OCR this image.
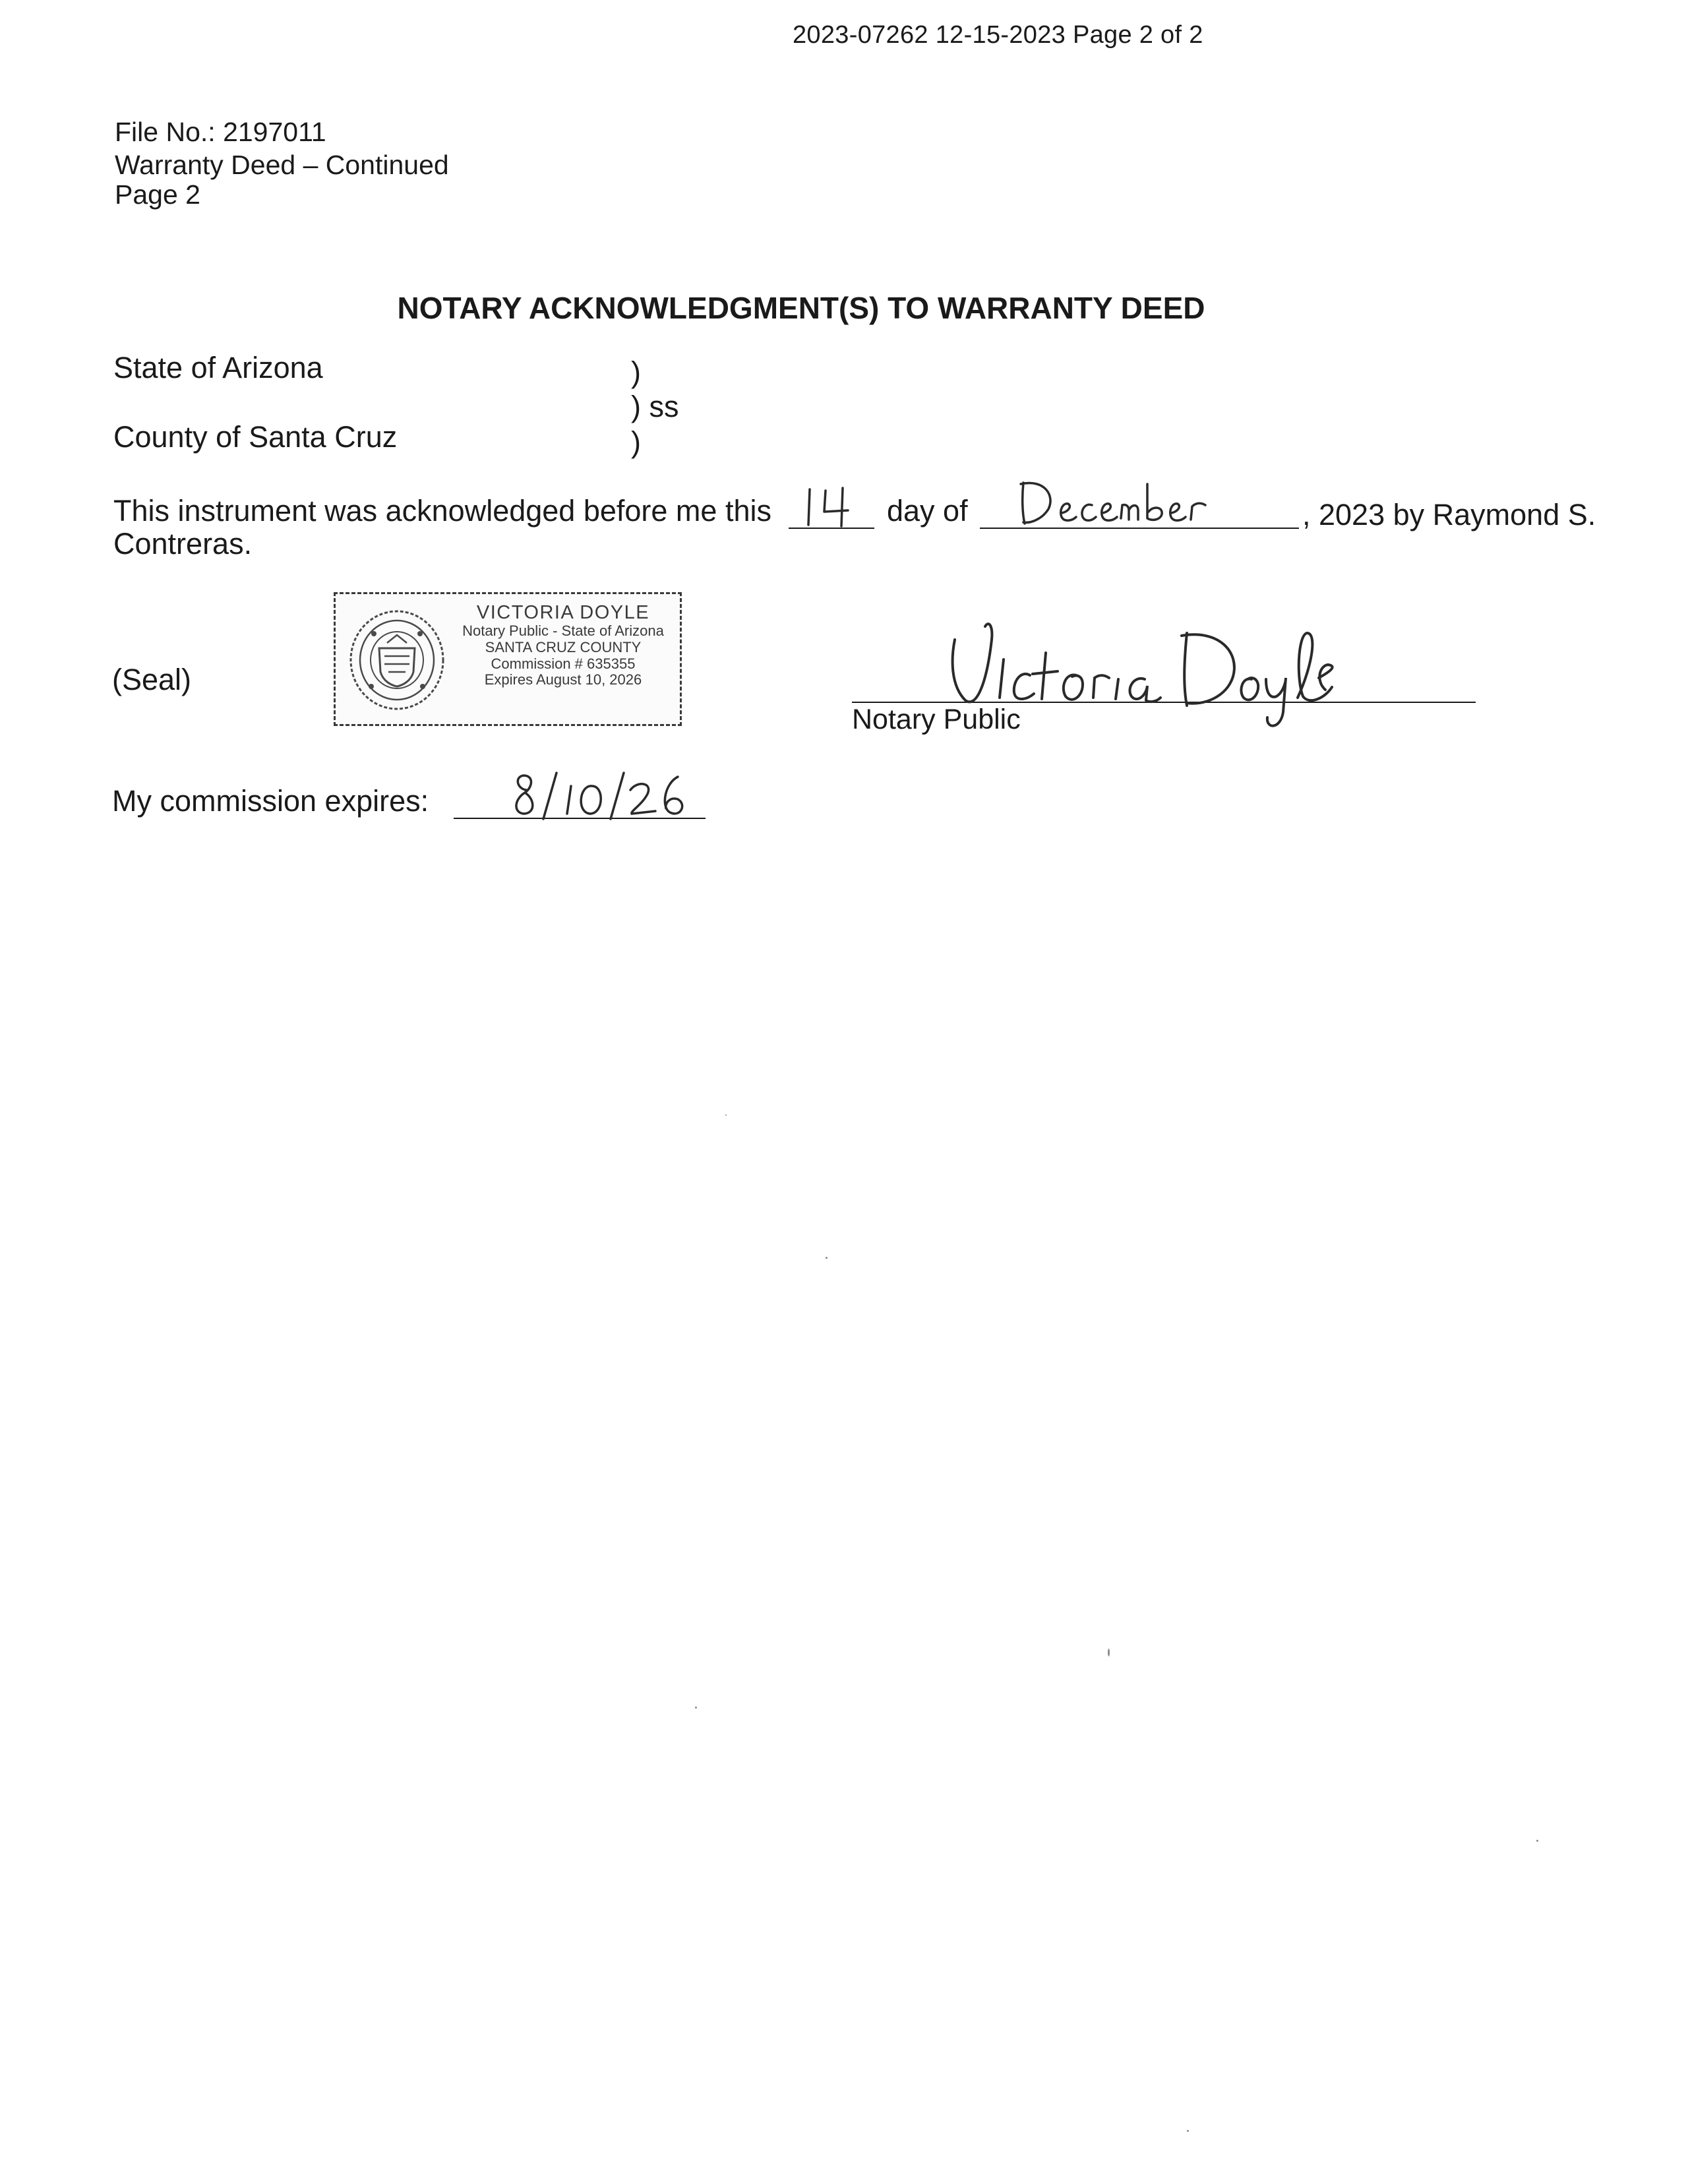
2023-07262 12-15-2023 Page 2 of 2
File No.: 2197011
Warranty Deed – Continued
Page 2
NOTARY ACKNOWLEDGMENT(S) TO WARRANTY DEED
State of Arizona
County of Santa Cruz
)
) ss
)
This instrument was acknowledged before me this	day of	, 2023 by Raymond S.
Contreras.
(Seal)
VICTORIA DOYLE
Notary Public - State of Arizona
SANTA CRUZ COUNTY
Commission # 635355
Expires August 10, 2026
Notary Public
My commission expires:
